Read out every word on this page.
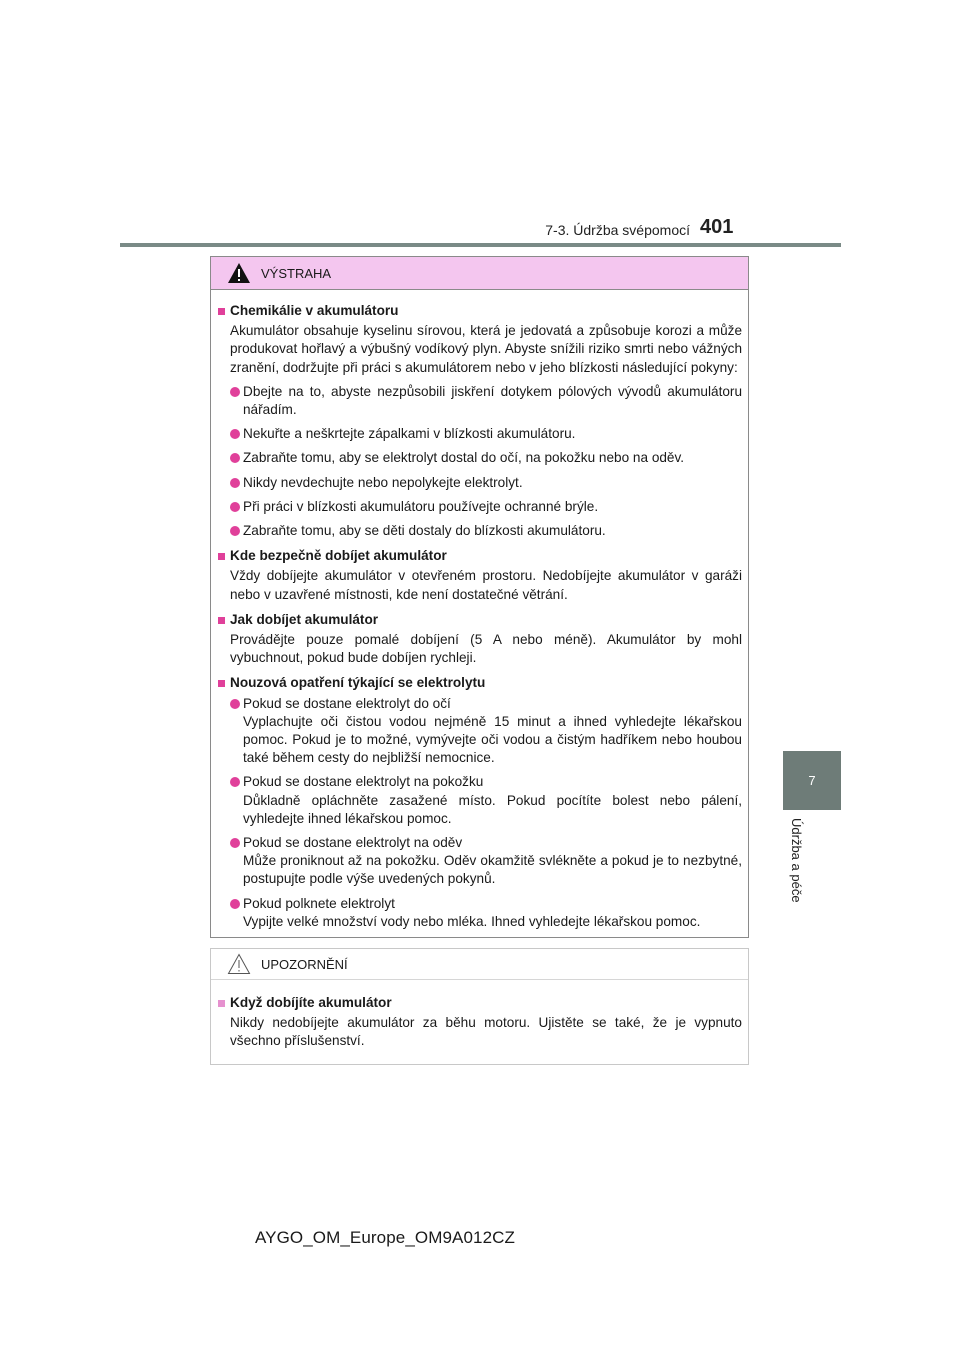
7-3. Údržba svépomocí 401
7
Údržba a péče
VÝSTRAHA
Chemikálie v akumulátoru
Akumulátor obsahuje kyselinu sírovou, která je jedovatá a způsobuje korozi a může produkovat hořlavý a výbušný vodíkový plyn. Abyste snížili riziko smrti nebo vážných zranění, dodržujte při práci s akumulátorem nebo v jeho blízkosti následující pokyny:
Dbejte na to, abyste nezpůsobili jiskření dotykem pólových vývodů akumulátoru nářadím.
Nekuřte a neškrtejte zápalkami v blízkosti akumulátoru.
Zabraňte tomu, aby se elektrolyt dostal do očí, na pokožku nebo na oděv.
Nikdy nevdechujte nebo nepolykejte elektrolyt.
Při práci v blízkosti akumulátoru používejte ochranné brýle.
Zabraňte tomu, aby se děti dostaly do blízkosti akumulátoru.
Kde bezpečně dobíjet akumulátor
Vždy dobíjejte akumulátor v otevřeném prostoru. Nedobíjejte akumulátor v garáži nebo v uzavřené místnosti, kde není dostatečné větrání.
Jak dobíjet akumulátor
Provádějte pouze pomalé dobíjení (5 A nebo méně). Akumulátor by mohl vybuchnout, pokud bude dobíjen rychleji.
Nouzová opatření týkající se elektrolytu
Pokud se dostane elektrolyt do očí
Vyplachujte oči čistou vodou nejméně 15 minut a ihned vyhledejte lékařskou pomoc. Pokud je to možné, vymývejte oči vodou a čistým hadříkem nebo houbou také během cesty do nejbližší nemocnice.
Pokud se dostane elektrolyt na pokožku
Důkladně opláchněte zasažené místo. Pokud pocítíte bolest nebo pálení, vyhledejte ihned lékařskou pomoc.
Pokud se dostane elektrolyt na oděv
Může proniknout až na pokožku. Oděv okamžitě svlékněte a pokud je to nezbytné, postupujte podle výše uvedených pokynů.
Pokud polknete elektrolyt
Vypijte velké množství vody nebo mléka. Ihned vyhledejte lékařskou pomoc.
UPOZORNĚNÍ
Když dobíjíte akumulátor
Nikdy nedobíjejte akumulátor za běhu motoru. Ujistěte se také, že je vypnuto všechno příslušenství.
AYGO_OM_Europe_OM9A012CZ
